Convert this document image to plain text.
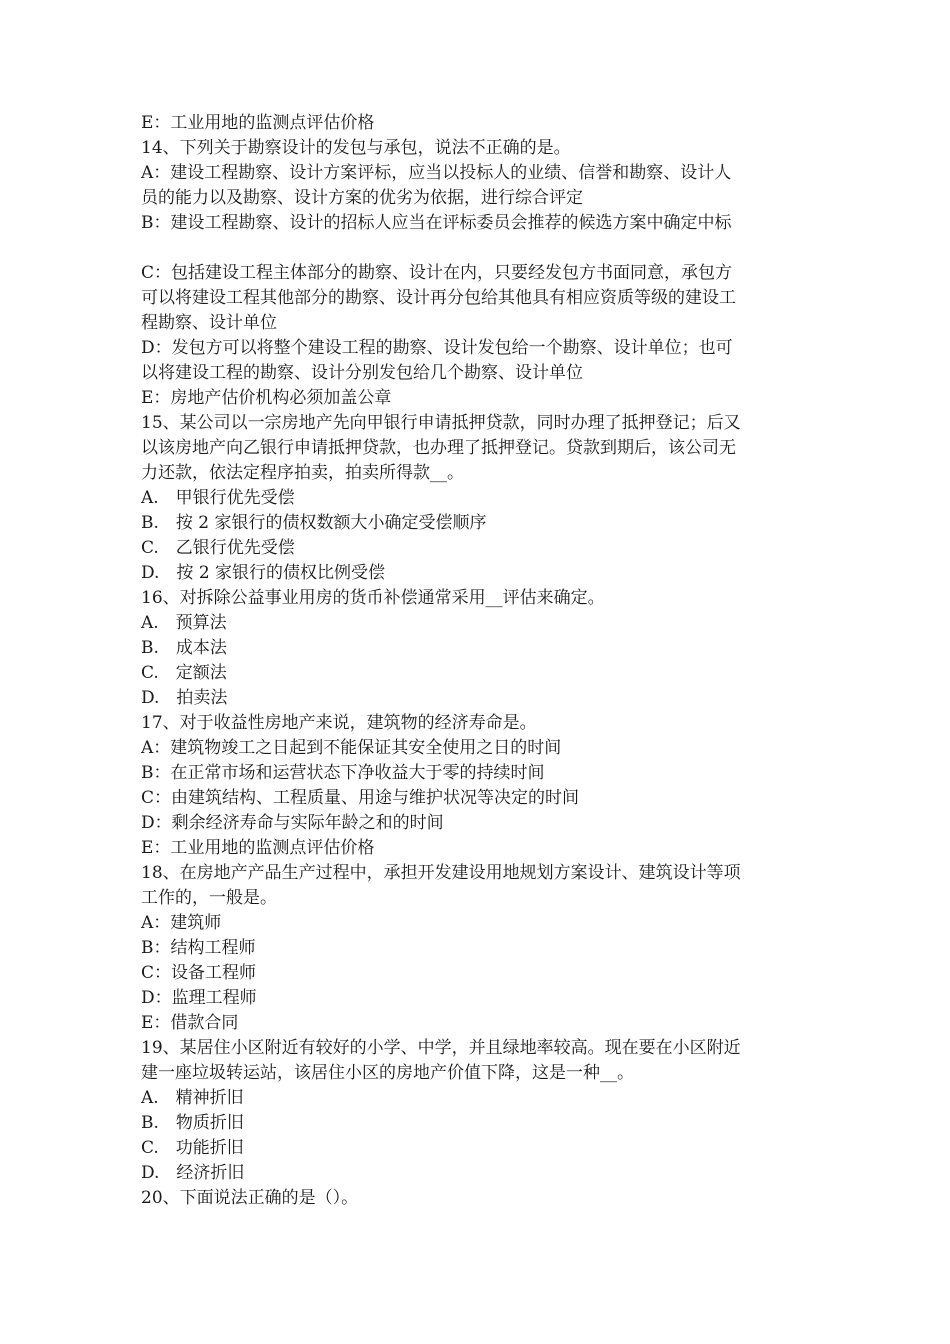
E：工业用地的监测点评估价格
14、下列关于勘察设计的发包与承包，说法不正确的是。
A：建设工程勘察、设计方案评标，应当以投标人的业绩、信誉和勘察、设计人
员的能力以及勘察、设计方案的优劣为依据，进行综合评定
B：建设工程勘察、设计的招标人应当在评标委员会推荐的候选方案中确定中标
C：包括建设工程主体部分的勘察、设计在内，只要经发包方书面同意，承包方
可以将建设工程其他部分的勘察、设计再分包给其他具有相应资质等级的建设工
程勘察、设计单位
D：发包方可以将整个建设工程的勘察、设计发包给一个勘察、设计单位；也可
以将建设工程的勘察、设计分别发包给几个勘察、设计单位
E：房地产估价机构必须加盖公章
15、某公司以一宗房地产先向甲银行申请抵押贷款，同时办理了抵押登记；后又
以该房地产向乙银行申请抵押贷款，也办理了抵押登记。贷款到期后，该公司无
力还款，依法定程序拍卖，拍卖所得款__。
A.　甲银行优先受偿
B.　按 2 家银行的债权数额大小确定受偿顺序
C.　乙银行优先受偿
D.　按 2 家银行的债权比例受偿
16、对拆除公益事业用房的货币补偿通常采用__评估来确定。
A.　预算法
B.　成本法
C.　定额法
D.　拍卖法
17、对于收益性房地产来说，建筑物的经济寿命是。
A：建筑物竣工之日起到不能保证其安全使用之日的时间
B：在正常市场和运营状态下净收益大于零的持续时间
C：由建筑结构、工程质量、用途与维护状况等决定的时间
D：剩余经济寿命与实际年龄之和的时间
E：工业用地的监测点评估价格
18、在房地产产品生产过程中，承担开发建设用地规划方案设计、建筑设计等项
工作的，一般是。
A：建筑师
B：结构工程师
C：设备工程师
D：监理工程师
E：借款合同
19、某居住小区附近有较好的小学、中学，并且绿地率较高。现在要在小区附近
建一座垃圾转运站，该居住小区的房地产价值下降，这是一种__。
A.　精神折旧
B.　物质折旧
C.　功能折旧
D.　经济折旧
20、下面说法正确的是（）。
